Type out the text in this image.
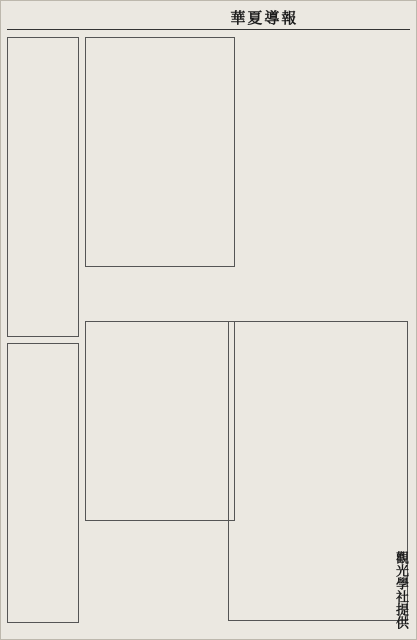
華夏導報
觀光學社提供
